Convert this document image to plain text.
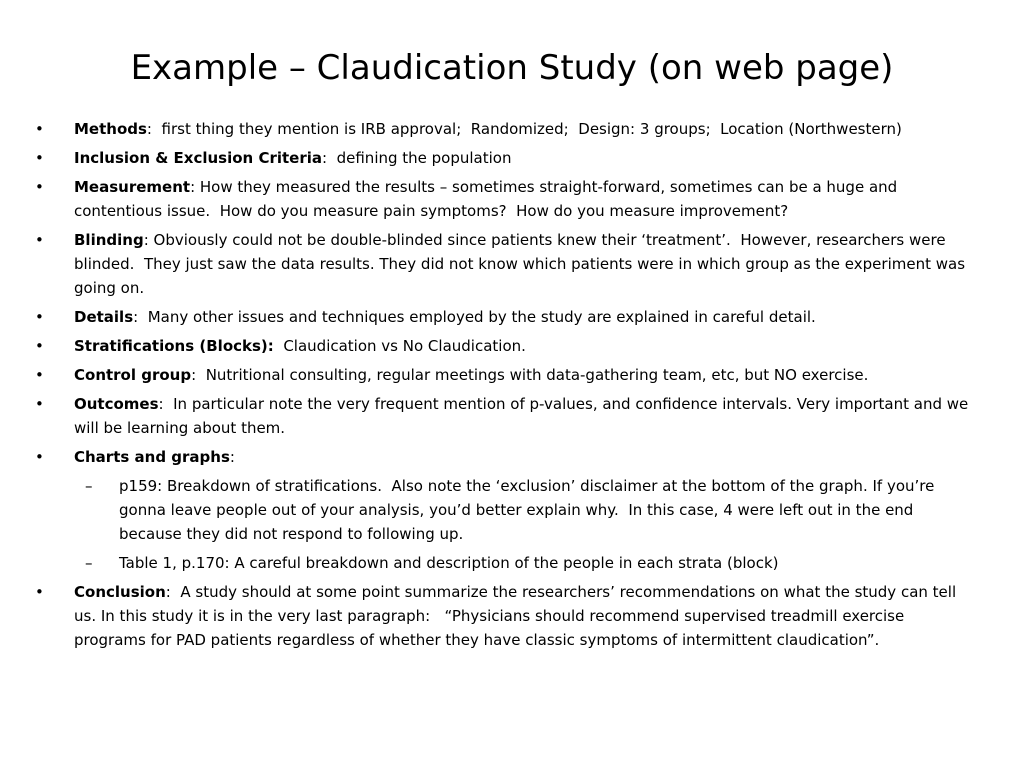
Example – Claudication Study (on web page)
•	Methods:  first thing they mention is IRB approval;  Randomized;  Design: 3 groups;  Location (Northwestern)
•	Inclusion & Exclusion Criteria:  defining the population
•	Measurement: How they measured the results – sometimes straight-forward, sometimes can be a huge and contentious issue.  How do you measure pain symptoms?  How do you measure improvement?
•	Blinding: Obviously could not be double-blinded since patients knew their ‘treatment’.  However, researchers were blinded.  They just saw the data results. They did not know which patients were in which group as the experiment was going on.
•	Details:  Many other issues and techniques employed by the study are explained in careful detail.
•	Stratifications (Blocks): Claudication vs No Claudication.
•	Control group:  Nutritional consulting, regular meetings with data-gathering team, etc, but NO exercise.
•	Outcomes:  In particular note the very frequent mention of p-values, and confidence intervals. Very important and we will be learning about them.
•	Charts and graphs:
– p159: Breakdown of stratifications.  Also note the ‘exclusion’ disclaimer at the bottom of the graph. If you’re gonna leave people out of your analysis, you’d better explain why.  In this case, 4 were left out in the end because they did not respond to following up.
– Table 1, p.170: A careful breakdown and description of the people in each strata (block)
•	Conclusion:  A study should at some point summarize the researchers’ recommendations on what the study can tell us. In this study it is in the very last paragraph:   “Physicians should recommend supervised treadmill exercise programs for PAD patients regardless of whether they have classic symptoms of intermittent claudication”.
